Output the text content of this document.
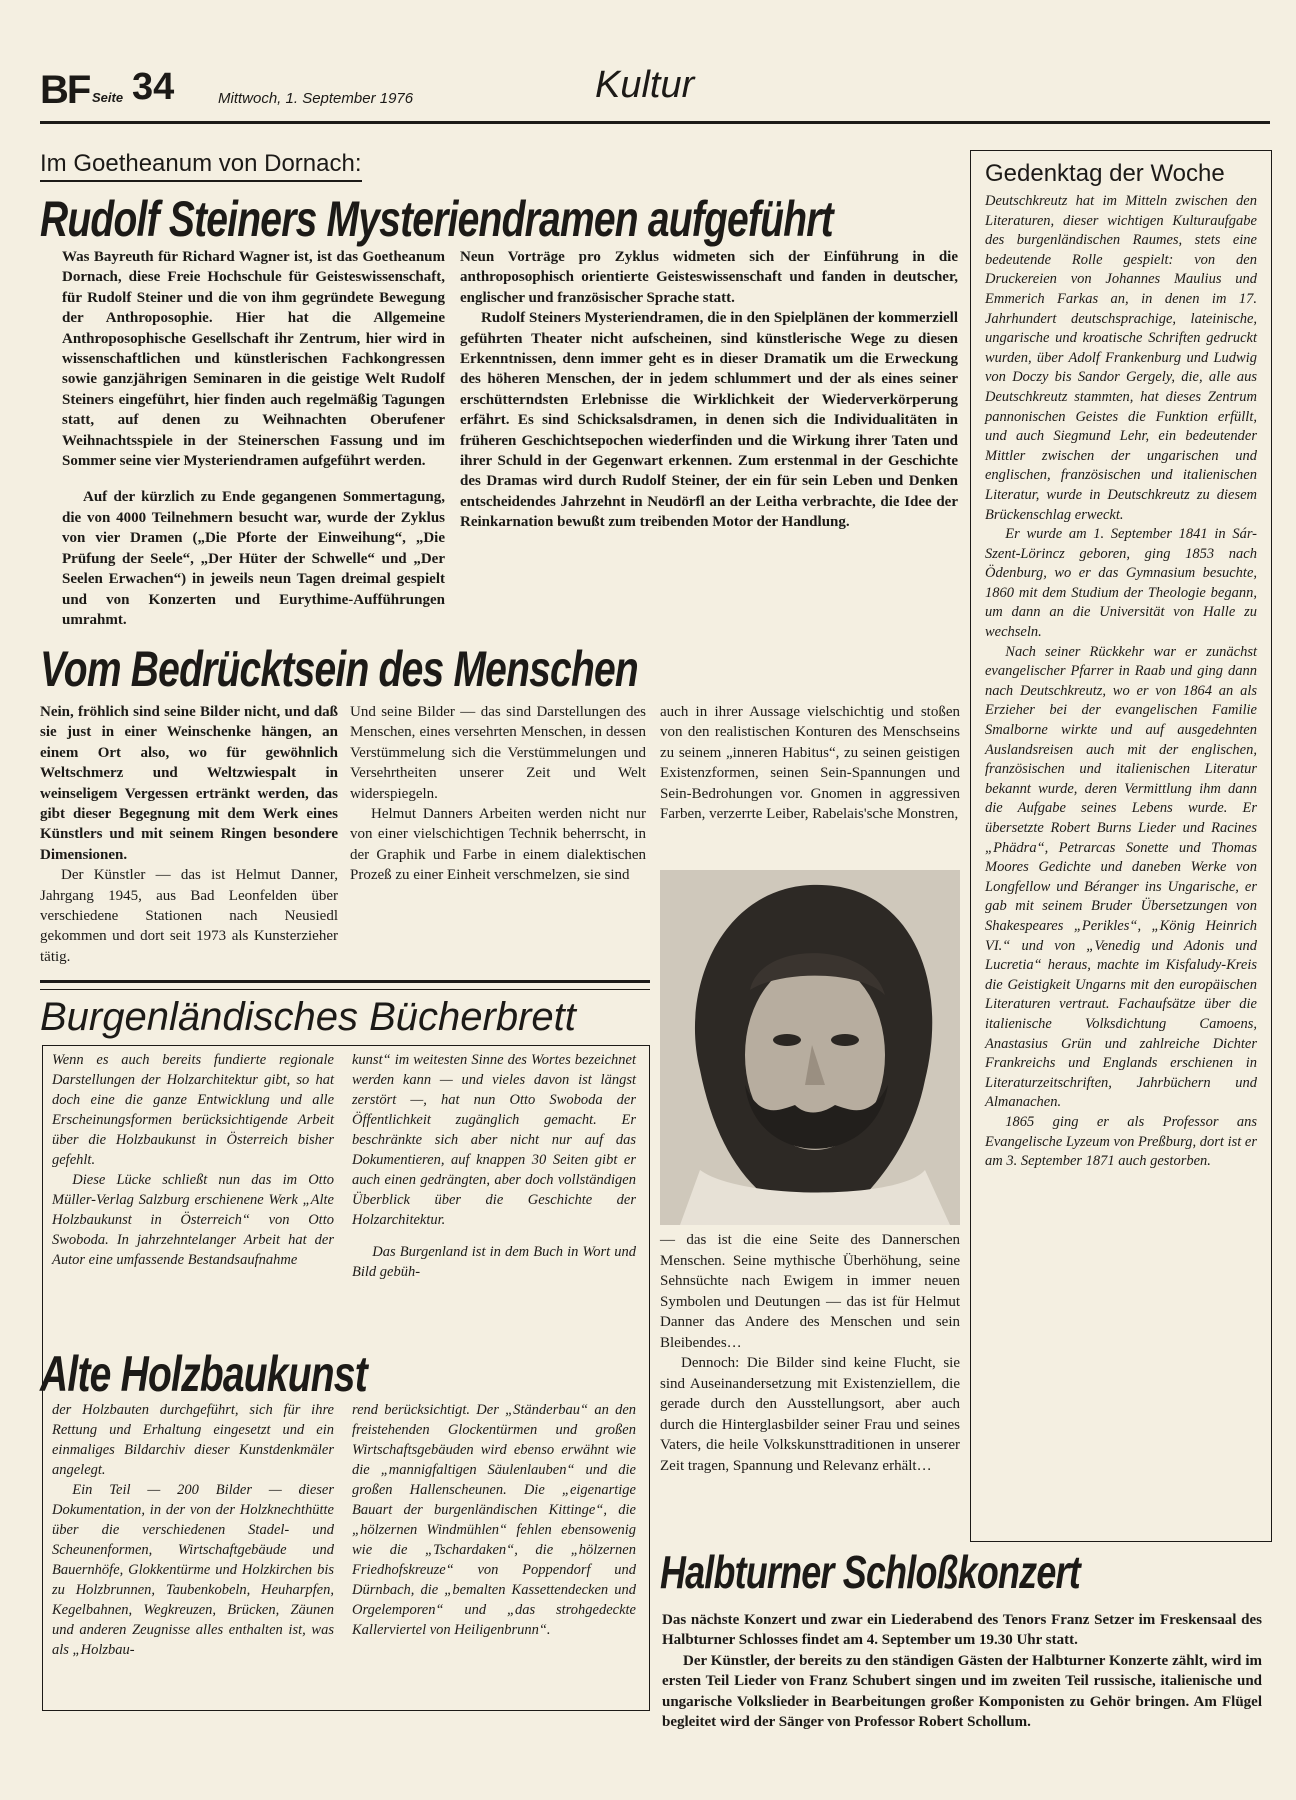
BF Seite 34	Mittwoch, 1. September 1976	Kultur
Im Goetheanum von Dornach:
Rudolf Steiners Mysteriendramen aufgeführt

Was Bayreuth für Richard Wagner ist, ist das Goetheanum Dornach, diese Freie Hochschule für Geisteswissenschaft, für Rudolf Steiner und die von ihm gegründete Bewegung der Anthroposophie. Hier hat die Allgemeine Anthroposophische Gesellschaft ihr Zentrum, hier wird in wissenschaftlichen und künstlerischen Fachkongressen sowie ganzjährigen Seminaren in die geistige Welt Rudolf Steiners eingeführt, hier finden auch regelmäßig Tagungen statt, auf denen zu Weihnachten Oberufener Weihnachtsspiele in der Steinerschen Fassung und im Sommer seine vier Mysteriendramen aufgeführt werden.

Auf der kürzlich zu Ende gegangenen Sommertagung, die von 4000 Teilnehmern besucht war, wurde der Zyklus von vier Dramen („Die Pforte der Einweihung“, „Die Prüfung der Seele“, „Der Hüter der Schwelle“ und „Der Seelen Erwachen“) in jeweils neun Tagen dreimal gespielt und von Konzerten und Eurythime-Aufführungen umrahmt.

Neun Vorträge pro Zyklus widmeten sich der Einführung in die anthroposophisch orientierte Geisteswissenschaft und fanden in deutscher, englischer und französischer Sprache statt.

Rudolf Steiners Mysteriendramen, die in den Spielplänen der kommerziell geführten Theater nicht aufscheinen, sind künstlerische Wege zu diesen Erkenntnissen, denn immer geht es in dieser Dramatik um die Erweckung des höheren Menschen, der in jedem schlummert und der als eines seiner erschütterndsten Erlebnisse die Wirklichkeit der Wiederverkörperung erfährt. Es sind Schicksalsdramen, in denen sich die Individualitäten in früheren Geschichtsepochen wiederfinden und die Wirkung ihrer Taten und ihrer Schuld in der Gegenwart erkennen. Zum erstenmal in der Geschichte des Dramas wird durch Rudolf Steiner, der ein für sein Leben und Denken entscheidendes Jahrzehnt in Neudörfl an der Leitha verbrachte, die Idee der Reinkarnation bewußt zum treibenden Motor der Handlung.

Vom Bedrücktsein des Menschen

Nein, fröhlich sind seine Bilder nicht, und daß sie just in einer Weinschenke hängen, an einem Ort also, wo für gewöhnlich Weltschmerz und Weltzwiespalt in weinseligem Vergessen ertränkt werden, das gibt dieser Begegnung mit dem Werk eines Künstlers und mit seinem Ringen besondere Dimensionen.

Der Künstler — das ist Helmut Danner, Jahrgang 1945, aus Bad Leonfelden über verschiedene Stationen nach Neusiedl gekommen und dort seit 1973 als Kunsterzieher tätig.

Und seine Bilder — das sind Darstellungen des Menschen, eines versehrten Menschen, in dessen Verstümmelung sich die Verstümmelungen und Versehrtheiten unserer Zeit und Welt widerspiegeln.

Helmut Danners Arbeiten werden nicht nur von einer vielschichtigen Technik beherrscht, in der Graphik und Farbe in einem dialektischen Prozeß zu einer Einheit verschmelzen, sie sind

auch in ihrer Aussage vielschichtig und stoßen von den realistischen Konturen des Menschseins zu seinem „inneren Habitus“, zu seinen geistigen Existenzformen, seinen Sein-Spannungen und Sein-Bedrohungen vor. Gnomen in aggressiven Farben, verzerrte Leiber, Rabelais'sche Monstren,

— das ist die eine Seite des Dannerschen Menschen. Seine mythische Überhöhung, seine Sehnsüchte nach Ewigem in immer neuen Symbolen und Deutungen — das ist für Helmut Danner das Andere des Menschen und sein Bleibendes…

Dennoch: Die Bilder sind keine Flucht, sie sind Auseinandersetzung mit Existenziellem, die gerade durch den Ausstellungsort, aber auch durch die Hinterglasbilder seiner Frau und seines Vaters, die heile Volkskunsttraditionen in unserer Zeit tragen, Spannung und Relevanz erhält…

Burgenländisches Bücherbrett

Wenn es auch bereits fundierte regionale Darstellungen der Holzarchitektur gibt, so hat doch eine die ganze Entwicklung und alle Erscheinungsformen berücksichtigende Arbeit über die Holzbaukunst in Österreich bisher gefehlt.

Diese Lücke schließt nun das im Otto Müller-Verlag Salzburg erschienene Werk „Alte Holzbaukunst in Österreich“ von Otto Swoboda. In jahrzehntelanger Arbeit hat der Autor eine umfassende Bestandsaufnahme

kunst“ im weitesten Sinne des Wortes bezeichnet werden kann — und vieles davon ist längst zerstört —, hat nun Otto Swoboda der Öffentlichkeit zugänglich gemacht. Er beschränkte sich aber nicht nur auf das Dokumentieren, auf knappen 30 Seiten gibt er auch einen gedrängten, aber doch vollständigen Überblick über die Geschichte der Holzarchitektur.

Das Burgenland ist in dem Buch in Wort und Bild gebüh-

Alte Holzbaukunst

der Holzbauten durchgeführt, sich für ihre Rettung und Erhaltung eingesetzt und ein einmaliges Bildarchiv dieser Kunstdenkmäler angelegt.

Ein Teil — 200 Bilder — dieser Dokumentation, in der von der Holzknechthütte über die verschiedenen Stadel- und Scheunenformen, Wirtschaftgebäude und Bauernhöfe, Glokkentürme und Holzkirchen bis zu Holzbrunnen, Taubenkobeln, Heuharpfen, Kegelbahnen, Wegkreuzen, Brücken, Zäunen und anderen Zeugnisse alles enthalten ist, was als „Holzbau-

rend berücksichtigt. Der „Ständerbau“ an den freistehenden Glockentürmen und großen Wirtschaftsgebäuden wird ebenso erwähnt wie die „mannigfaltigen Säulenlauben“ und die großen Hallenscheunen. Die „eigenartige Bauart der burgenländischen Kittinge“, die „hölzernen Windmühlen“ fehlen ebensowenig wie die „Tschardaken“, die „hölzernen Friedhofskreuze“ von Poppendorf und Dürnbach, die „bemalten Kassettendecken und Orgelemporen“ und „das strohgedeckte Kallerviertel von Heiligenbrunn“.

Gedenktag der Woche

Deutschkreutz hat im Mitteln zwischen den Literaturen, dieser wichtigen Kulturaufgabe des burgenländischen Raumes, stets eine bedeutende Rolle gespielt: von den Druckereien von Johannes Maulius und Emmerich Farkas an, in denen im 17. Jahrhundert deutschsprachige, lateinische, ungarische und kroatische Schriften gedruckt wurden, über Adolf Frankenburg und Ludwig von Doczy bis Sandor Gergely, die, alle aus Deutschkreutz stammten, hat dieses Zentrum pannonischen Geistes die Funktion erfüllt, und auch Siegmund Lehr, ein bedeutender Mittler zwischen der ungarischen und englischen, französischen und italienischen Literatur, wurde in Deutschkreutz zu diesem Brückenschlag erweckt.

Er wurde am 1. September 1841 in Sár-Szent-Lörincz geboren, ging 1853 nach Ödenburg, wo er das Gymnasium besuchte, 1860 mit dem Studium der Theologie begann, um dann an die Universität von Halle zu wechseln.

Nach seiner Rückkehr war er zunächst evangelischer Pfarrer in Raab und ging dann nach Deutschkreutz, wo er von 1864 an als Erzieher bei der evangelischen Familie Smalborne wirkte und auf ausgedehnten Auslandsreisen auch mit der englischen, französischen und italienischen Literatur bekannt wurde, deren Vermittlung ihm dann die Aufgabe seines Lebens wurde. Er übersetzte Robert Burns Lieder und Racines „Phädra“, Petrarcas Sonette und Thomas Moores Gedichte und daneben Werke von Longfellow und Béranger ins Ungarische, er gab mit seinem Bruder Übersetzungen von Shakespeares „Perikles“, „König Heinrich VI.“ und von „Venedig und Adonis und Lucretia“ heraus, machte im Kisfaludy-Kreis die Geistigkeit Ungarns mit den europäischen Literaturen vertraut. Fachaufsätze über die italienische Volksdichtung Camoens, Anastasius Grün und zahlreiche Dichter Frankreichs und Englands erschienen in Literaturzeitschriften, Jahrbüchern und Almanachen.

1865 ging er als Professor ans Evangelische Lyzeum von Preßburg, dort ist er am 3. September 1871 auch gestorben.

Halbturner Schloßkonzert

Das nächste Konzert und zwar ein Liederabend des Tenors Franz Setzer im Freskensaal des Halbturner Schlosses findet am 4. September um 19.30 Uhr statt.

Der Künstler, der bereits zu den ständigen Gästen der Halbturner Konzerte zählt, wird im ersten Teil Lieder von Franz Schubert singen und im zweiten Teil russische, italienische und ungarische Volkslieder in Bearbeitungen großer Komponisten zu Gehör bringen. Am Flügel begleitet wird der Sänger von Professor Robert Schollum.
